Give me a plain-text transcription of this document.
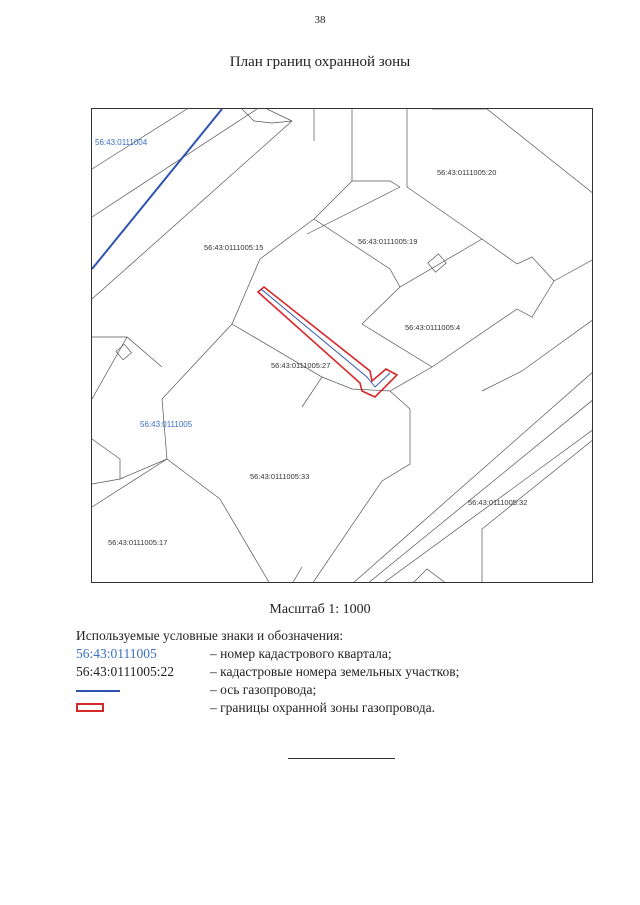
38
План границ охранной зоны
56:43:0111004
56:43:0111005
56:43:0111005:20
56:43:0111005:19
56:43:0111005:15
56:43:0111005:4
56:43:0111005:27
56:43:0111005:33
56:43:0111005:32
56:43:0111005:17
Масштаб 1: 1000
Используемые условные знаки и обозначения:
56:43:0111005	– номер кадастрового квартала;
56:43:0111005:22	– кадастровые номера земельных участков;
– ось газопровода;
– границы охранной зоны газопровода.
